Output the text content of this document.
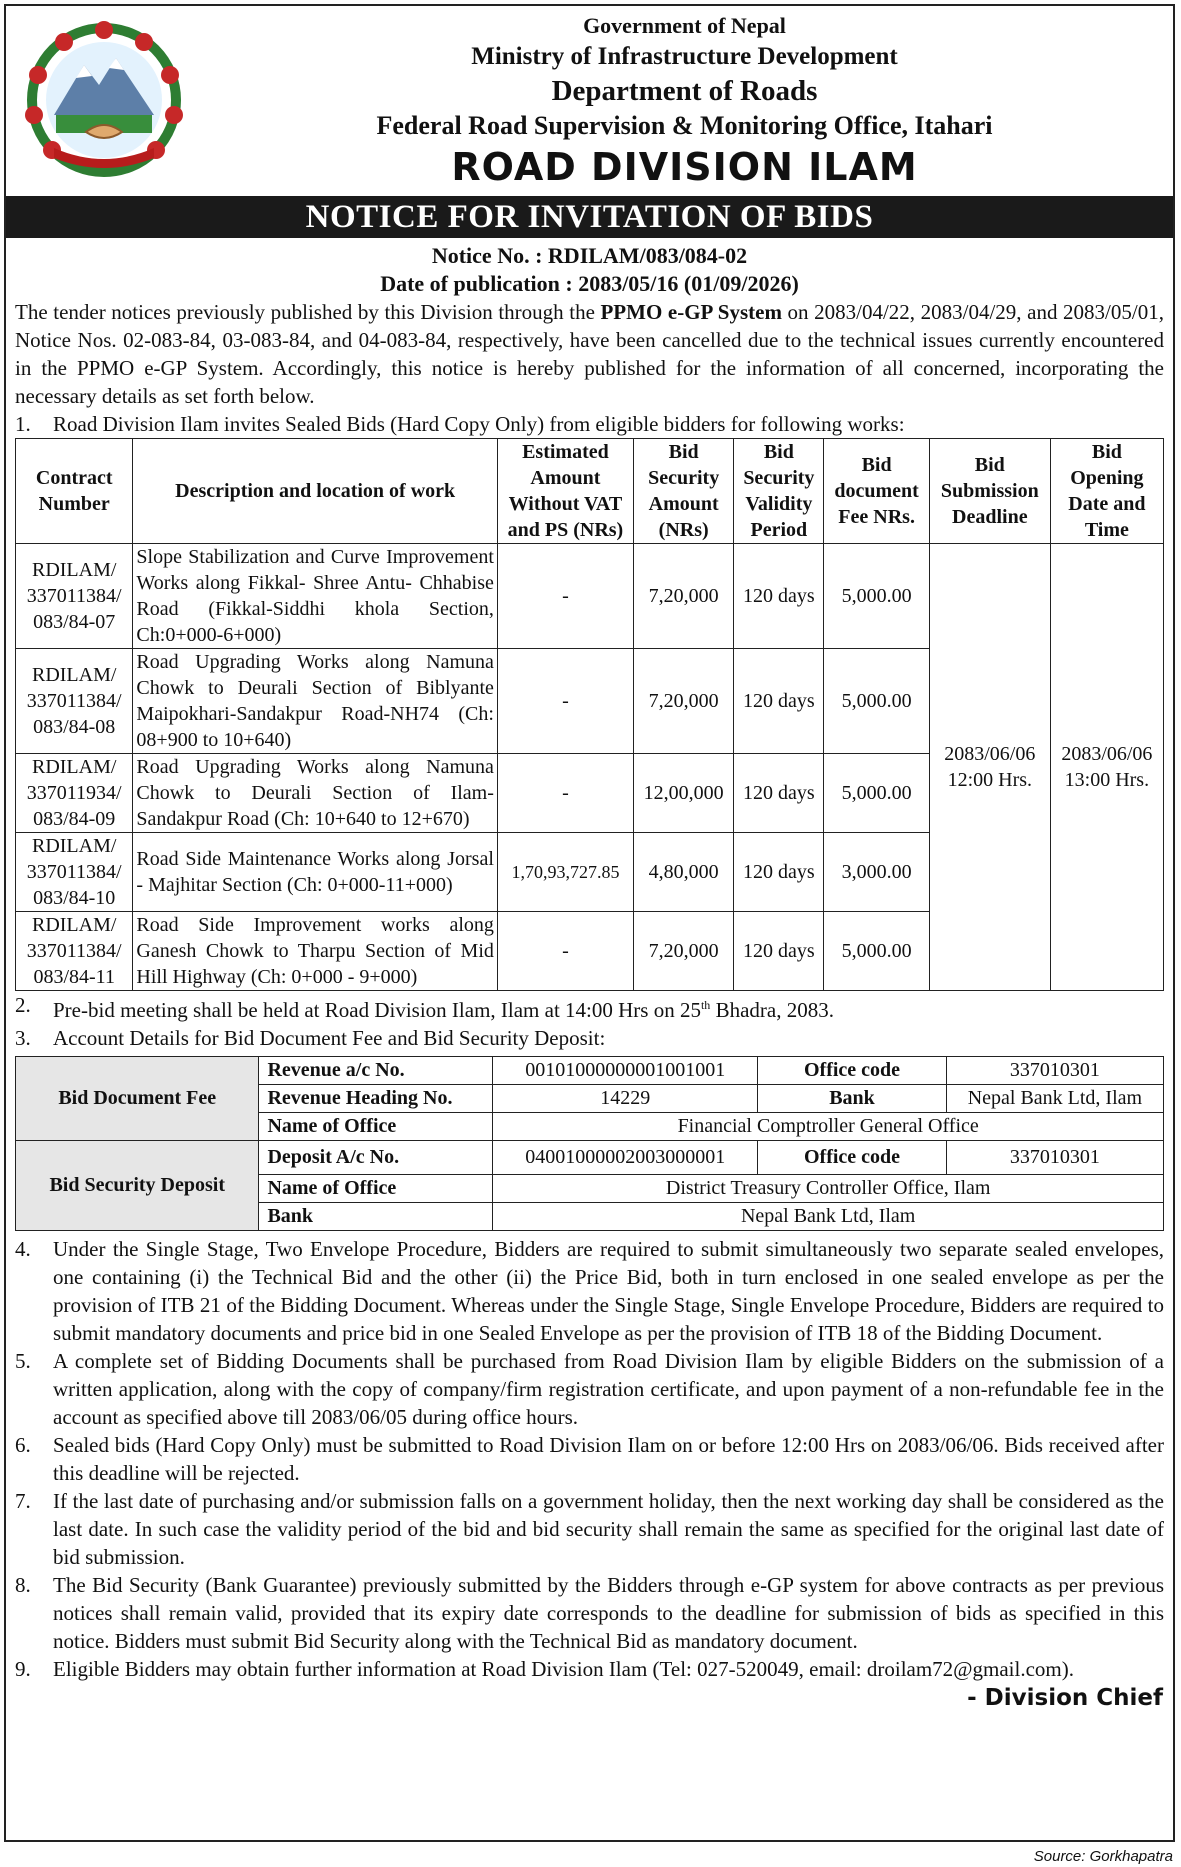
Government of Nepal
Ministry of Infrastructure Development
Department of Roads
Federal Road Supervision & Monitoring Office, Itahari
ROAD DIVISION ILAM
NOTICE FOR INVITATION OF BIDS
Notice No. : RDILAM/083/084-02
Date of publication : 2083/05/16 (01/09/2026)

The tender notices previously published by this Division through the PPMO e-GP System on 2083/04/22, 2083/04/29, and 2083/05/01, Notice Nos. 02-083-84, 03-083-84, and 04-083-84, respectively, have been cancelled due to the technical issues currently encountered in the PPMO e-GP System. Accordingly, this notice is hereby published for the information of all concerned, incorporating the necessary details as set forth below.

1.	Road Division Ilam invites Sealed Bids (Hard Copy Only) from eligible bidders for following works:
Contract Number	Description and location of work	Estimated Amount Without VAT and PS (NRs)	Bid Security Amount (NRs)	Bid Security Validity Period	Bid document Fee NRs.	Bid Submission Deadline	Bid Opening Date and Time
RDILAM/ 337011384/ 083/84-07	Slope Stabilization and Curve Improvement Works along Fikkal- Shree Antu- Chhabise Road (Fikkal-Siddhi khola Section, Ch:0+000-6+000)	-	7,20,000	120 days	5,000.00	2083/06/06 12:00 Hrs.	2083/06/06 13:00 Hrs.
RDILAM/ 337011384/ 083/84-08	Road Upgrading Works along Namuna Chowk to Deurali Section of Biblyante Maipokhari-Sandakpur Road-NH74 (Ch: 08+900 to 10+640)	-	7,20,000	120 days	5,000.00		
RDILAM/ 337011934/ 083/84-09	Road Upgrading Works along Namuna Chowk to Deurali Section of Ilam-Sandakpur Road (Ch: 10+640 to 12+670)	-	12,00,000	120 days	5,000.00		
RDILAM/ 337011384/ 083/84-10	Road Side Maintenance Works along Jorsal - Majhitar Section (Ch: 0+000-11+000)	1,70,93,727.85	4,80,000	120 days	3,000.00		
RDILAM/ 337011384/ 083/84-11	Road Side Improvement works along Ganesh Chowk to Tharpu Section of Mid Hill Highway (Ch: 0+000 - 9+000)	-	7,20,000	120 days	5,000.00		
2.	Pre-bid meeting shall be held at Road Division Ilam, Ilam at 14:00 Hrs on 25th Bhadra, 2083.
3.	Account Details for Bid Document Fee and Bid Security Deposit:
Bid Document Fee	Revenue a/c No.	00101000000001001001	Office code	337010301
	Revenue Heading No.	14229	Bank	Nepal Bank Ltd, Ilam
	Name of Office	Financial Comptroller General Office		
Bid Security Deposit	Deposit A/c No.	04001000002003000001	Office code	337010301
	Name of Office	District Treasury Controller Office, Ilam		
	Bank	Nepal Bank Ltd, Ilam		
4.	Under the Single Stage, Two Envelope Procedure, Bidders are required to submit simultaneously two separate sealed envelopes, one containing (i) the Technical Bid and the other (ii) the Price Bid, both in turn enclosed in one sealed envelope as per the provision of ITB 21 of the Bidding Document. Whereas under the Single Stage, Single Envelope Procedure, Bidders are required to submit mandatory documents and price bid in one Sealed Envelope as per the provision of ITB 18 of the Bidding Document.
5.	A complete set of Bidding Documents shall be purchased from Road Division Ilam by eligible Bidders on the submission of a written application, along with the copy of company/firm registration certificate, and upon payment of a non-refundable fee in the account as specified above till 2083/06/05 during office hours.
6.	Sealed bids (Hard Copy Only) must be submitted to Road Division Ilam on or before 12:00 Hrs on 2083/06/06. Bids received after this deadline will be rejected.
7.	If the last date of purchasing and/or submission falls on a government holiday, then the next working day shall be considered as the last date. In such case the validity period of the bid and bid security shall remain the same as specified for the original last date of bid submission.
8.	The Bid Security (Bank Guarantee) previously submitted by the Bidders through e-GP system for above contracts as per previous notices shall remain valid, provided that its expiry date corresponds to the deadline for submission of bids as specified in this notice. Bidders must submit Bid Security along with the Technical Bid as mandatory document.
9.	Eligible Bidders may obtain further information at Road Division Ilam (Tel: 027-520049, email: droilam72@gmail.com).
- Division Chief
Source: Gorkhapatra
